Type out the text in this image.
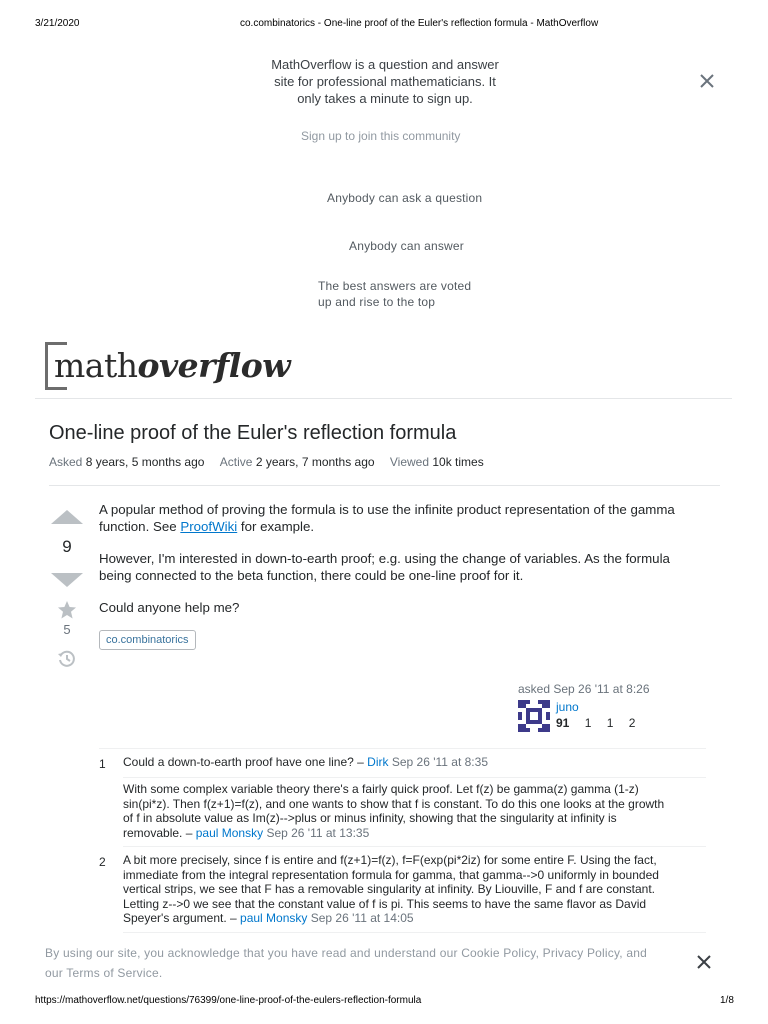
3/21/2020	co.combinatorics - One-line proof of the Euler's reflection formula - MathOverflow
MathOverflow is a question and answer
site for professional mathematicians. It
only takes a minute to sign up.
Sign up to join this community
Anybody can ask a question
Anybody can answer
The best answers are voted
up and rise to the top
mathoverflow
One-line proof of the Euler's reflection formula
Asked 8 years, 5 months ago Active 2 years, 7 months ago Viewed 10k times
9
5

A popular method of proving the formula is to use the infinite product representation of the gamma function. See ProofWiki for example.

However, I'm interested in down-to-earth proof; e.g. using the change of variables. As the formula being connected to the beta function, there could be one-line proof for it.

Could anyone help me?

co.combinatorics
asked Sep 26 '11 at 8:26
juno
91 1 1 2
1 Could a down-to-earth proof have one line? – Dirk Sep 26 '11 at 8:35
With some complex variable theory there's a fairly quick proof. Let f(z) be gamma(z) gamma (1-z)
sin(pi*z). Then f(z+1)=f(z), and one wants to show that f is constant. To do this one looks at the growth
of f in absolute value as Im(z)-->plus or minus infinity, showing that the singularity at infinity is
removable. – paul Monsky Sep 26 '11 at 13:35
2 A bit more precisely, since f is entire and f(z+1)=f(z), f=F(exp(pi*2iz) for some entire F. Using the fact,
immediate from the integral representation formula for gamma, that gamma-->0 uniformly in bounded
vertical strips, we see that F has a removable singularity at infinity. By Liouville, F and f are constant.
Letting z-->0 we see that the constant value of f is pi. This seems to have the same flavor as David
Speyer's argument. – paul Monsky Sep 26 '11 at 14:05
By using our site, you acknowledge that you have read and understand our Cookie Policy, Privacy Policy, and
our Terms of Service.
https://mathoverflow.net/questions/76399/one-line-proof-of-the-eulers-reflection-formula	1/8
